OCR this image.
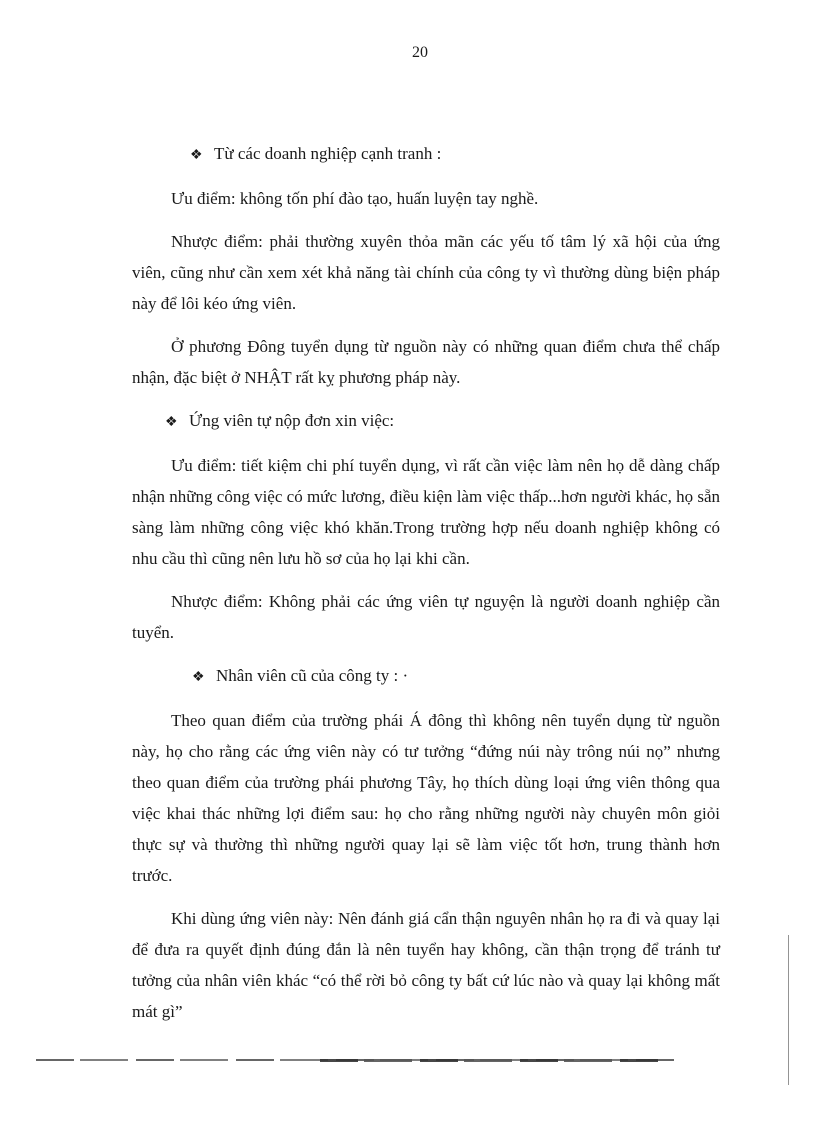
20

❖ Từ các doanh nghiệp cạnh tranh :

Ưu điểm: không tốn phí đào tạo, huấn luyện tay nghề.

Nhược điểm: phải thường xuyên thỏa mãn các yếu tố tâm lý xã hội của ứng viên, cũng như cần xem xét khả năng tài chính của công ty vì thường dùng biện pháp này để lôi kéo ứng viên.

Ở phương Đông tuyển dụng từ nguồn này có những quan điểm chưa thể chấp nhận, đặc biệt ở NHẬT rất kỵ phương pháp này.

❖ Ứng viên tự nộp đơn xin việc:

Ưu điểm: tiết kiệm chi phí tuyển dụng, vì rất cần việc làm nên họ dễ dàng chấp nhận những công việc có mức lương, điều kiện làm việc thấp...hơn người khác, họ sẵn sàng làm những công việc khó khăn.Trong trường hợp nếu doanh nghiệp không có nhu cầu thì cũng nên lưu hồ sơ của họ lại khi cần.

Nhược điểm: Không phải các ứng viên tự nguyện là người doanh nghiệp cần tuyển.

❖ Nhân viên cũ của công ty : ·

Theo quan điểm của trường phái Á đông thì không nên tuyển dụng từ nguồn này, họ cho rằng các ứng viên này có tư tưởng “đứng núi này trông núi nọ” nhưng theo quan điểm của trường phái phương Tây, họ thích dùng loại ứng viên thông qua việc khai thác những lợi điểm sau: họ cho rằng những người này chuyên môn giỏi thực sự và thường thì những người quay lại sẽ làm việc tốt hơn, trung thành hơn trước.

Khi dùng ứng viên này: Nên đánh giá cẩn thận nguyên nhân họ ra đi và quay lại để đưa ra quyết định đúng đắn là nên tuyển hay không, cần thận trọng để tránh tư tưởng của nhân viên khác “có thể rời bỏ công ty bất cứ lúc nào và quay lại không mất mát gì”
